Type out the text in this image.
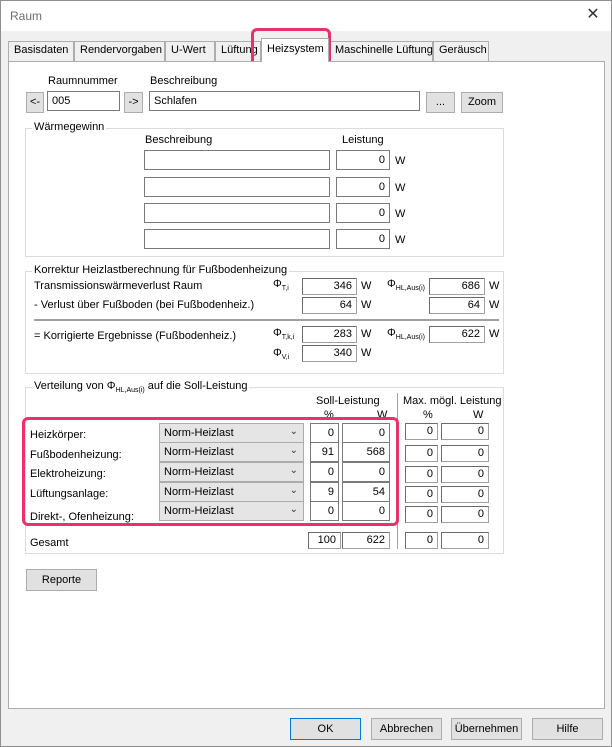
Raum	✕
Basisdaten	Rendervorgaben U-Wert	Lüftung Heizsystem	Maschinelle Lüftung Geräusch
Raumnummer	Beschreibung
<-	005	->	Schlafen	...	Zoom
Wärmegewinn
Beschreibung	Leistung
0 W
0 W
0 W
0 W
Korrektur Heizlastberechnung für Fußbodenheizung
Transmissionswärmeverlust Raum	$\Phi_{T,i}$	346 W $\Phi_{HL,Aus(i)}$	686 W
- Verlust über Fußboden (bei Fußbodenheiz.)	64 W	64 W
= Korrigierte Ergebnisse (Fußbodenheiz.)	$\Phi_{T,k,i}$	283 W $\Phi_{HL,Aus(i)}$	622 W
$\Phi_{V,i}$	340 W
Verteilung von $\Phi_{HL,Aus(i)}$ auf die Soll-Leistung
Soll-Leistung Max. mögl. Leistung
%	W	%	W
Heizkörper:	Norm-Heizlast	⌄	0	0	0	0
Fußbodenheizung:	Norm-Heizlast	⌄	91	568	0	0
Elektroheizung:	Norm-Heizlast	⌄	0	0	0	0
Lüftungsanlage:	Norm-Heizlast	⌄	9	54	0	0
Direkt-, Ofenheizung:	Norm-Heizlast	⌄	0	0	0	0
Gesamt	100	622	0	0
Reporte
OK	Abbrechen	Übernehmen	Hilfe
